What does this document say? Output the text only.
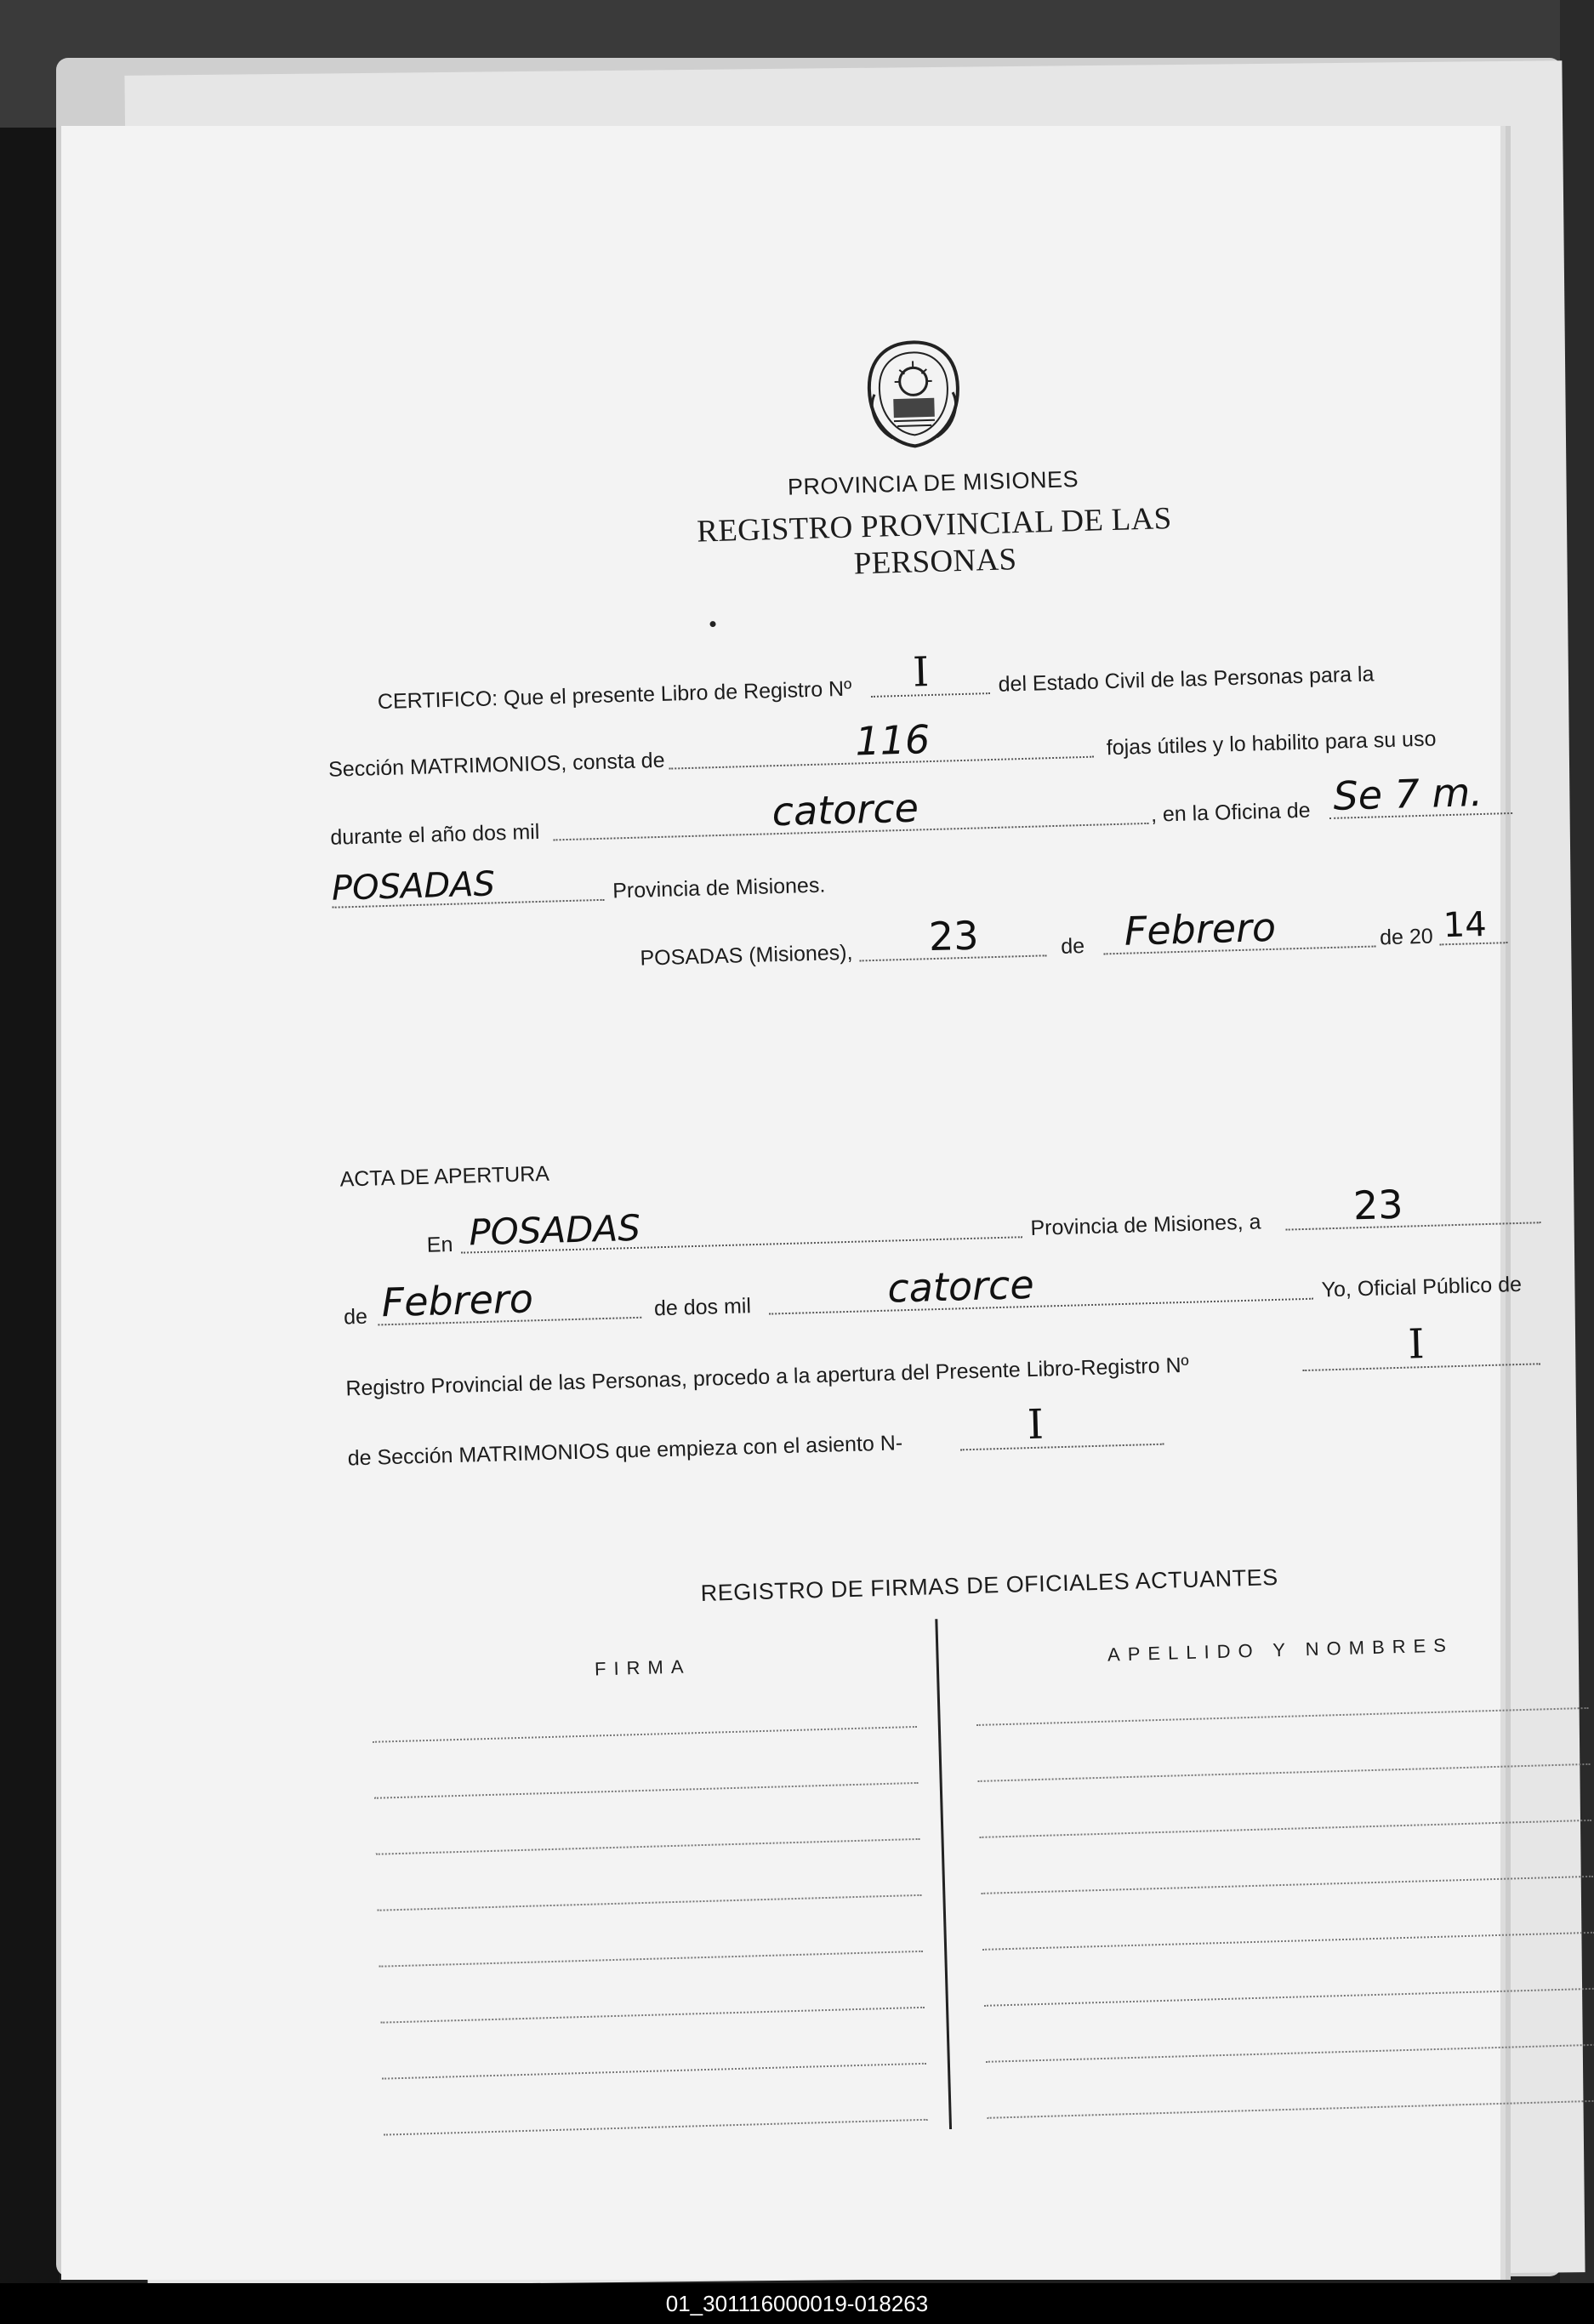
PROVINCIA DE MISIONES
REGISTRO PROVINCIAL DE LAS PERSONAS
CERTIFICO: Que el presente Libro de Registro Nº I	del Estado Civil de las Personas para la
Sección MATRIMONIOS, consta de
116	fojas útiles y lo habilito para su uso
durante el año dos mil
catorce	, en la Oficina de Se 7 m.
POSADAS	Provincia de Misiones.
POSADAS (Misiones), 23	de Febrero	de 20 14
ACTA DE APERTURA
En POSADAS	Provincia de Misiones, a 23
de Febrero	de dos mil	catorce	Yo, Oficial Público de
Registro Provincial de las Personas, procedo a la apertura del Presente Libro-Registro Nº
I
de Sección MATRIMONIOS que empieza con el asiento N-
I
REGISTRO DE FIRMAS DE OFICIALES ACTUANTES
FIRMA
APELLIDO Y NOMBRES
01_301116000019-018263
